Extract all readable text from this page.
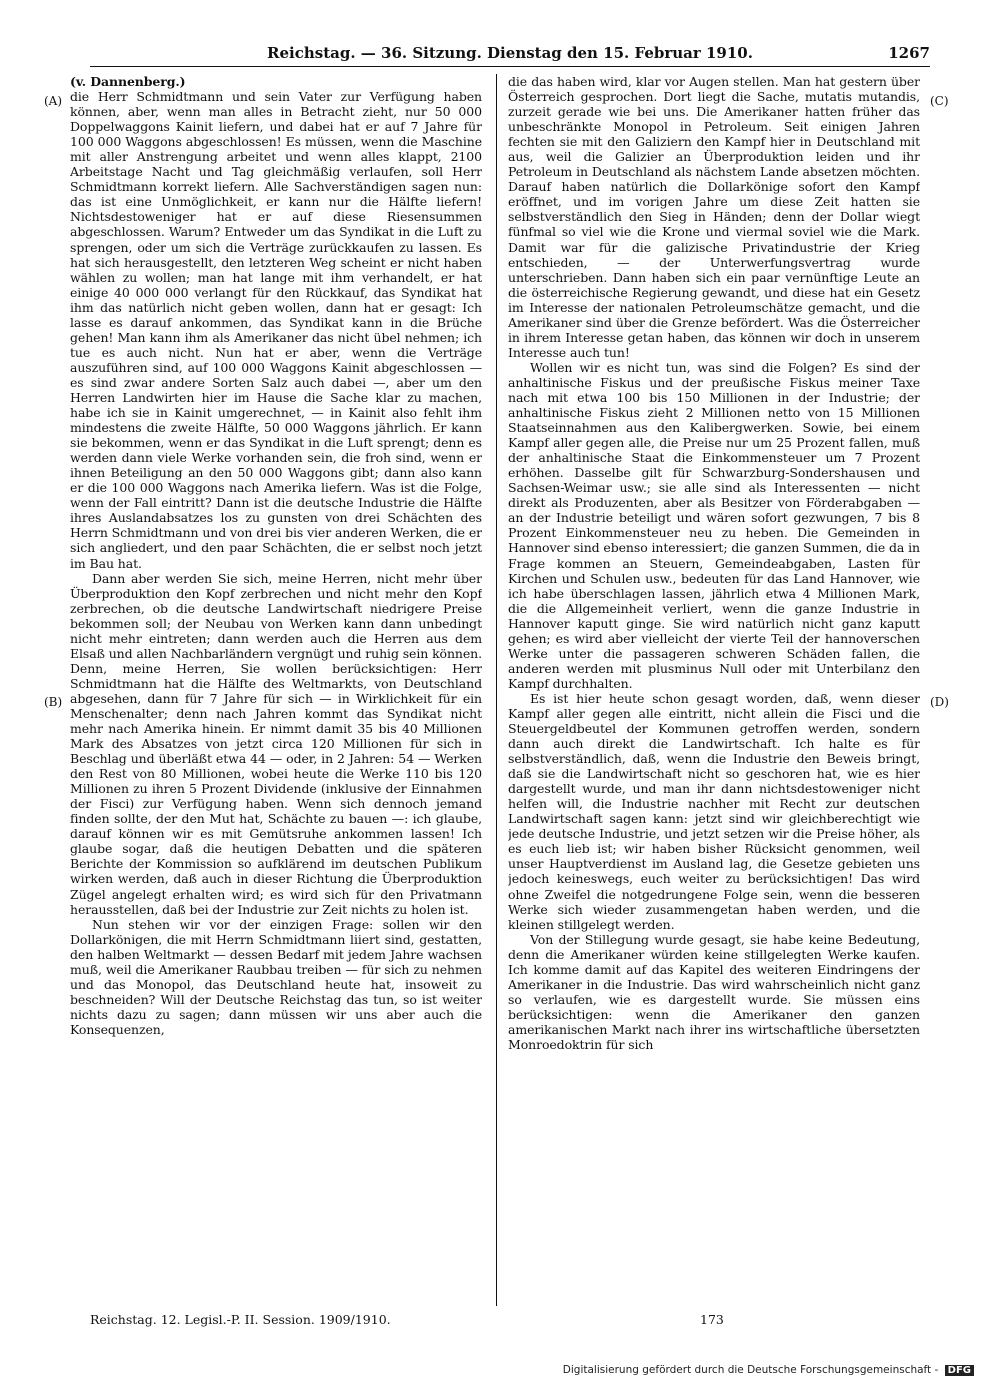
Reichstag. — 36. Sitzung. Dienstag den 15. Februar 1910.	1267
(A)
(B)
(C)
(D)

(v. Dannenberg.)

die Herr Schmidtmann und sein Vater zur Verfügung haben können, aber, wenn man alles in Betracht zieht, nur 50 000 Doppelwaggons Kainit liefern, und dabei hat er auf 7 Jahre für 100 000 Waggons abgeschlossen! Es müssen, wenn die Maschine mit aller Anstrengung arbeitet und wenn alles klappt, 2100 Arbeitstage Nacht und Tag gleichmäßig verlaufen, soll Herr Schmidtmann korrekt liefern. Alle Sachverständigen sagen nun: das ist eine Unmöglichkeit, er kann nur die Hälfte liefern! Nichtsdestoweniger hat er auf diese Riesensummen abgeschlossen. Warum? Entweder um das Syndikat in die Luft zu sprengen, oder um sich die Verträge zurückkaufen zu lassen. Es hat sich herausgestellt, den letzteren Weg scheint er nicht haben wählen zu wollen; man hat lange mit ihm verhandelt, er hat einige 40 000 000 verlangt für den Rückkauf, das Syndikat hat ihm das natürlich nicht geben wollen, dann hat er gesagt: Ich lasse es darauf ankommen, das Syndikat kann in die Brüche gehen! Man kann ihm als Amerikaner das nicht übel nehmen; ich tue es auch nicht. Nun hat er aber, wenn die Verträge auszuführen sind, auf 100 000 Waggons Kainit abgeschlossen — es sind zwar andere Sorten Salz auch dabei —, aber um den Herren Landwirten hier im Hause die Sache klar zu machen, habe ich sie in Kainit umgerechnet, — in Kainit also fehlt ihm mindestens die zweite Hälfte, 50 000 Waggons jährlich. Er kann sie bekommen, wenn er das Syndikat in die Luft sprengt; denn es werden dann viele Werke vorhanden sein, die froh sind, wenn er ihnen Beteiligung an den 50 000 Waggons gibt; dann also kann er die 100 000 Waggons nach Amerika liefern. Was ist die Folge, wenn der Fall eintritt? Dann ist die deutsche Industrie die Hälfte ihres Auslandabsatzes los zu gunsten von drei Schächten des Herrn Schmidtmann und von drei bis vier anderen Werken, die er sich angliedert, und den paar Schächten, die er selbst noch jetzt im Bau hat.

Dann aber werden Sie sich, meine Herren, nicht mehr über Überproduktion den Kopf zerbrechen und nicht mehr den Kopf zerbrechen, ob die deutsche Landwirtschaft niedrigere Preise bekommen soll; der Neubau von Werken kann dann unbedingt nicht mehr eintreten; dann werden auch die Herren aus dem Elsaß und allen Nachbarländern vergnügt und ruhig sein können. Denn, meine Herren, Sie wollen berücksichtigen: Herr Schmidtmann hat die Hälfte des Weltmarkts, von Deutschland abgesehen, dann für 7 Jahre für sich — in Wirklichkeit für ein Menschenalter; denn nach Jahren kommt das Syndikat nicht mehr nach Amerika hinein. Er nimmt damit 35 bis 40 Millionen Mark des Absatzes von jetzt circa 120 Millionen für sich in Beschlag und überläßt etwa 44 — oder, in 2 Jahren: 54 — Werken den Rest von 80 Millionen, wobei heute die Werke 110 bis 120 Millionen zu ihren 5 Prozent Dividende (inklusive der Einnahmen der Fisci) zur Verfügung haben. Wenn sich dennoch jemand finden sollte, der den Mut hat, Schächte zu bauen —: ich glaube, darauf können wir es mit Gemütsruhe ankommen lassen! Ich glaube sogar, daß die heutigen Debatten und die späteren Berichte der Kommission so aufklärend im deutschen Publikum wirken werden, daß auch in dieser Richtung die Überproduktion Zügel angelegt erhalten wird; es wird sich für den Privatmann herausstellen, daß bei der Industrie zur Zeit nichts zu holen ist.

Nun stehen wir vor der einzigen Frage: sollen wir den Dollarkönigen, die mit Herrn Schmidtmann liiert sind, gestatten, den halben Weltmarkt — dessen Bedarf mit jedem Jahre wachsen muß, weil die Amerikaner Raubbau treiben — für sich zu nehmen und das Monopol, das Deutschland heute hat, insoweit zu beschneiden? Will der Deutsche Reichstag das tun, so ist weiter nichts dazu zu sagen; dann müssen wir uns aber auch die Konsequenzen,

die das haben wird, klar vor Augen stellen. Man hat gestern über Österreich gesprochen. Dort liegt die Sache, mutatis mutandis, zurzeit gerade wie bei uns. Die Amerikaner hatten früher das unbeschränkte Monopol in Petroleum. Seit einigen Jahren fechten sie mit den Galiziern den Kampf hier in Deutschland mit aus, weil die Galizier an Überproduktion leiden und ihr Petroleum in Deutschland als nächstem Lande absetzen möchten. Darauf haben natürlich die Dollarkönige sofort den Kampf eröffnet, und im vorigen Jahre um diese Zeit hatten sie selbstverständlich den Sieg in Händen; denn der Dollar wiegt fünfmal so viel wie die Krone und viermal soviel wie die Mark. Damit war für die galizische Privatindustrie der Krieg entschieden, — der Unterwerfungsvertrag wurde unterschrieben. Dann haben sich ein paar vernünftige Leute an die österreichische Regierung gewandt, und diese hat ein Gesetz im Interesse der nationalen Petroleumschätze gemacht, und die Amerikaner sind über die Grenze befördert. Was die Österreicher in ihrem Interesse getan haben, das können wir doch in unserem Interesse auch tun!

Wollen wir es nicht tun, was sind die Folgen? Es sind der anhaltinische Fiskus und der preußische Fiskus meiner Taxe nach mit etwa 100 bis 150 Millionen in der Industrie; der anhaltinische Fiskus zieht 2 Millionen netto von 15 Millionen Staatseinnahmen aus den Kalibergwerken. Sowie, bei einem Kampf aller gegen alle, die Preise nur um 25 Prozent fallen, muß der anhaltinische Staat die Einkommensteuer um 7 Prozent erhöhen. Dasselbe gilt für Schwarzburg-Sondershausen und Sachsen-Weimar usw.; sie alle sind als Interessenten — nicht direkt als Produzenten, aber als Besitzer von Förderabgaben — an der Industrie beteiligt und wären sofort gezwungen, 7 bis 8 Prozent Einkommensteuer neu zu heben. Die Gemeinden in Hannover sind ebenso interessiert; die ganzen Summen, die da in Frage kommen an Steuern, Gemeindeabgaben, Lasten für Kirchen und Schulen usw., bedeuten für das Land Hannover, wie ich habe überschlagen lassen, jährlich etwa 4 Millionen Mark, die die Allgemeinheit verliert, wenn die ganze Industrie in Hannover kaputt ginge. Sie wird natürlich nicht ganz kaputt gehen; es wird aber vielleicht der vierte Teil der hannoverschen Werke unter die passageren schweren Schäden fallen, die anderen werden mit plusminus Null oder mit Unterbilanz den Kampf durchhalten.

Es ist hier heute schon gesagt worden, daß, wenn dieser Kampf aller gegen alle eintritt, nicht allein die Fisci und die Steuergeldbeutel der Kommunen getroffen werden, sondern dann auch direkt die Landwirtschaft. Ich halte es für selbstverständlich, daß, wenn die Industrie den Beweis bringt, daß sie die Landwirtschaft nicht so geschoren hat, wie es hier dargestellt wurde, und man ihr dann nichtsdestoweniger nicht helfen will, die Industrie nachher mit Recht zur deutschen Landwirtschaft sagen kann: jetzt sind wir gleichberechtigt wie jede deutsche Industrie, und jetzt setzen wir die Preise höher, als es euch lieb ist; wir haben bisher Rücksicht genommen, weil unser Hauptverdienst im Ausland lag, die Gesetze gebieten uns jedoch keineswegs, euch weiter zu berücksichtigen! Das wird ohne Zweifel die notgedrungene Folge sein, wenn die besseren Werke sich wieder zusammengetan haben werden, und die kleinen stillgelegt werden.

Von der Stillegung wurde gesagt, sie habe keine Bedeutung, denn die Amerikaner würden keine stillgelegten Werke kaufen. Ich komme damit auf das Kapitel des weiteren Eindringens der Amerikaner in die Industrie. Das wird wahrscheinlich nicht ganz so verlaufen, wie es dargestellt wurde. Sie müssen eins berücksichtigen: wenn die Amerikaner den ganzen amerikanischen Markt nach ihrer ins wirtschaftliche übersetzten Monroedoktrin für sich

Reichstag. 12. Legisl.-P. II. Session. 1909/1910.	173
Digitalisierung gefördert durch die Deutsche Forschungsgemeinschaft - DFG
